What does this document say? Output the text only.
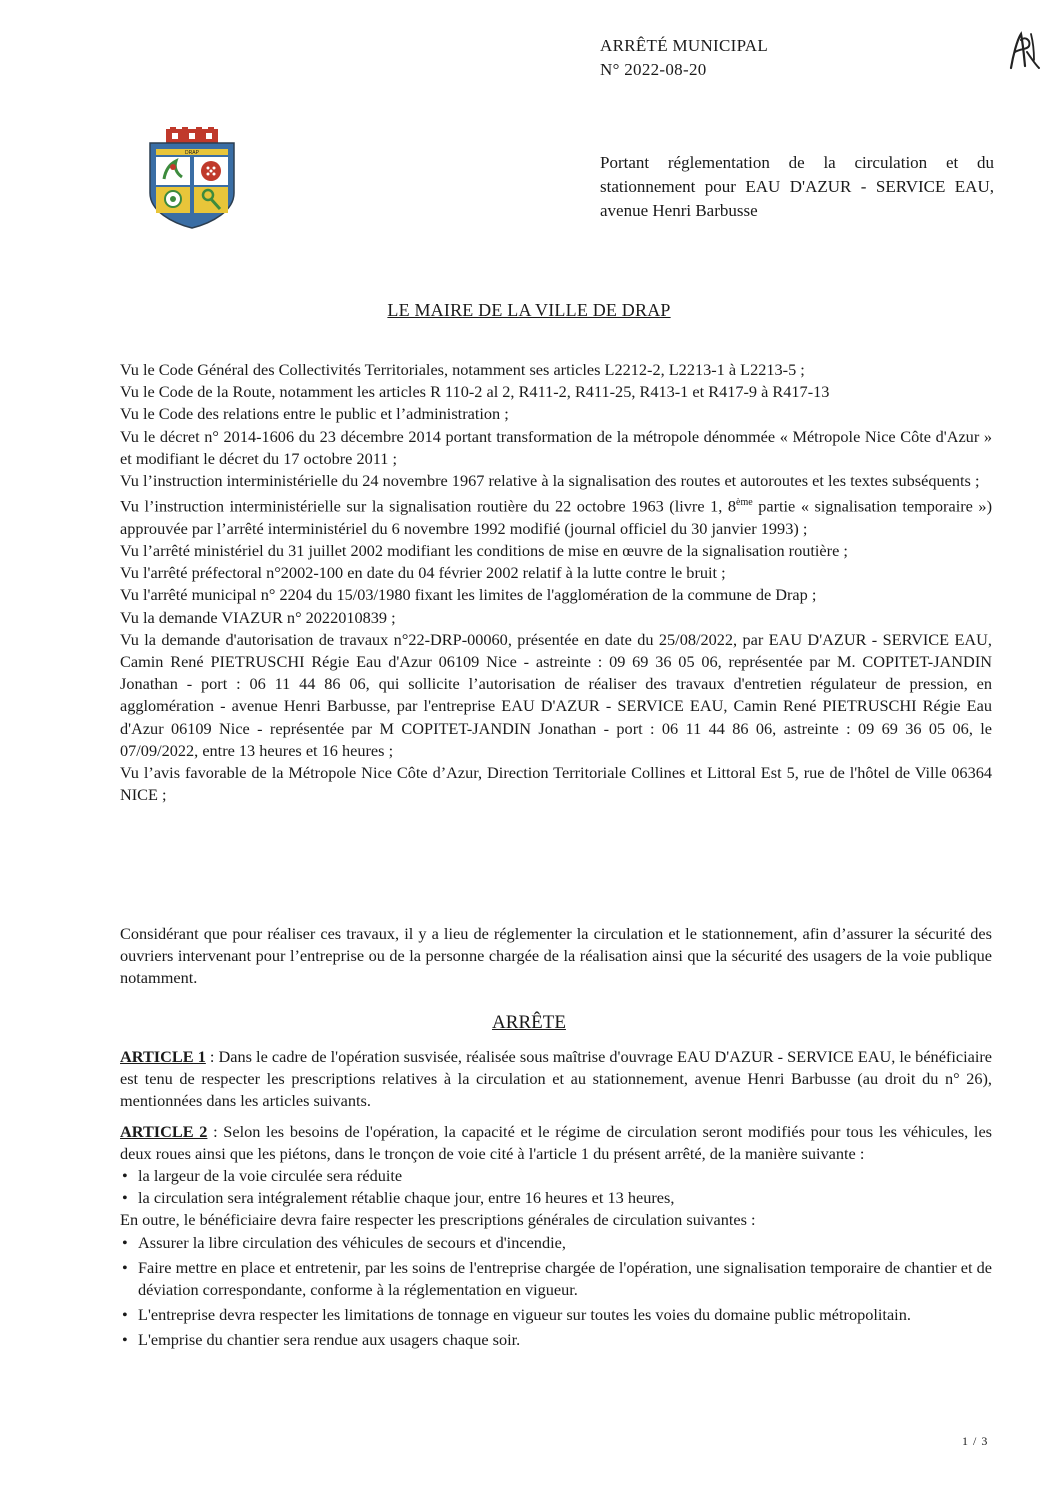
ARRÊTÉ MUNICIPAL
N° 2022-08-20
DRAP	Portant réglementation de la circulation et du stationnement pour EAU D'AZUR - SERVICE EAU, avenue Henri Barbusse
LE MAIRE DE LA VILLE DE DRAP

Vu le Code Général des Collectivités Territoriales, notamment ses articles L2212-2, L2213-1 à L2213-5 ;

Vu le Code de la Route, notamment les articles R 110-2 al 2, R411-2, R411-25, R413-1 et R417-9 à R417-13

Vu le Code des relations entre le public et l’administration ;

Vu le décret n° 2014-1606 du 23 décembre 2014 portant transformation de la métropole dénommée « Métropole Nice Côte d'Azur » et modifiant le décret du 17 octobre 2011 ;

Vu l’instruction interministérielle du 24 novembre 1967 relative à la signalisation des routes et autoroutes et les textes subséquents ;

Vu l’instruction interministérielle sur la signalisation routière du 22 octobre 1963 (livre 1, 8ème partie « signalisation temporaire ») approuvée par l’arrêté interministériel du 6 novembre 1992 modifié (journal officiel du 30 janvier 1993) ;

Vu l’arrêté ministériel du 31 juillet 2002 modifiant les conditions de mise en œuvre de la signalisation routière ;

Vu l'arrêté préfectoral n°2002-100 en date du 04 février 2002 relatif à la lutte contre le bruit ;

Vu l'arrêté municipal n° 2204 du 15/03/1980 fixant les limites de l'agglomération de la commune de Drap ;

Vu la demande VIAZUR n° 2022010839 ;

Vu la demande d'autorisation de travaux n°22-DRP-00060, présentée en date du 25/08/2022, par EAU D'AZUR - SERVICE EAU, Camin René PIETRUSCHI Régie Eau d'Azur 06109 Nice - astreinte : 09 69 36 05 06, représentée par M. COPITET-JANDIN Jonathan - port : 06 11 44 86 06, qui sollicite l’autorisation de réaliser des travaux d'entretien régulateur de pression, en agglomération - avenue Henri Barbusse, par l'entreprise EAU D'AZUR - SERVICE EAU, Camin René PIETRUSCHI Régie Eau d'Azur 06109 Nice - représentée par M COPITET-JANDIN Jonathan - port : 06 11 44 86 06, astreinte : 09 69 36 05 06, le 07/09/2022, entre 13 heures et 16 heures ;

Vu l’avis favorable de la Métropole Nice Côte d’Azur, Direction Territoriale Collines et Littoral Est 5, rue de l'hôtel de Ville 06364 NICE ;

Considérant que pour réaliser ces travaux, il y a lieu de réglementer la circulation et le stationnement, afin d’assurer la sécurité des ouvriers intervenant pour l’entreprise ou de la personne chargée de la réalisation ainsi que la sécurité des usagers de la voie publique notamment.

ARRÊTE

ARTICLE 1 : Dans le cadre de l'opération susvisée, réalisée sous maîtrise d'ouvrage EAU D'AZUR - SERVICE EAU, le bénéficiaire est tenu de respecter les prescriptions relatives à la circulation et au stationnement, avenue Henri Barbusse (au droit du n° 26), mentionnées dans les articles suivants.

ARTICLE 2 : Selon les besoins de l'opération, la capacité et le régime de circulation seront modifiés pour tous les véhicules, les deux roues ainsi que les piétons, dans le tronçon de voie cité à l'article 1 du présent arrêté, de la manière suivante :

• la largeur de la voie circulée sera réduite
• la circulation sera intégralement rétablie chaque jour, entre 16 heures et 13 heures,

En outre, le bénéficiaire devra faire respecter les prescriptions générales de circulation suivantes :

• Assurer la libre circulation des véhicules de secours et d'incendie,
• Faire mettre en place et entretenir, par les soins de l'entreprise chargée de l'opération, une signalisation temporaire de chantier et de déviation correspondante, conforme à la réglementation en vigueur.
• L'entreprise devra respecter les limitations de tonnage en vigueur sur toutes les voies du domaine public métropolitain.
• L'emprise du chantier sera rendue aux usagers chaque soir.
1 / 3
